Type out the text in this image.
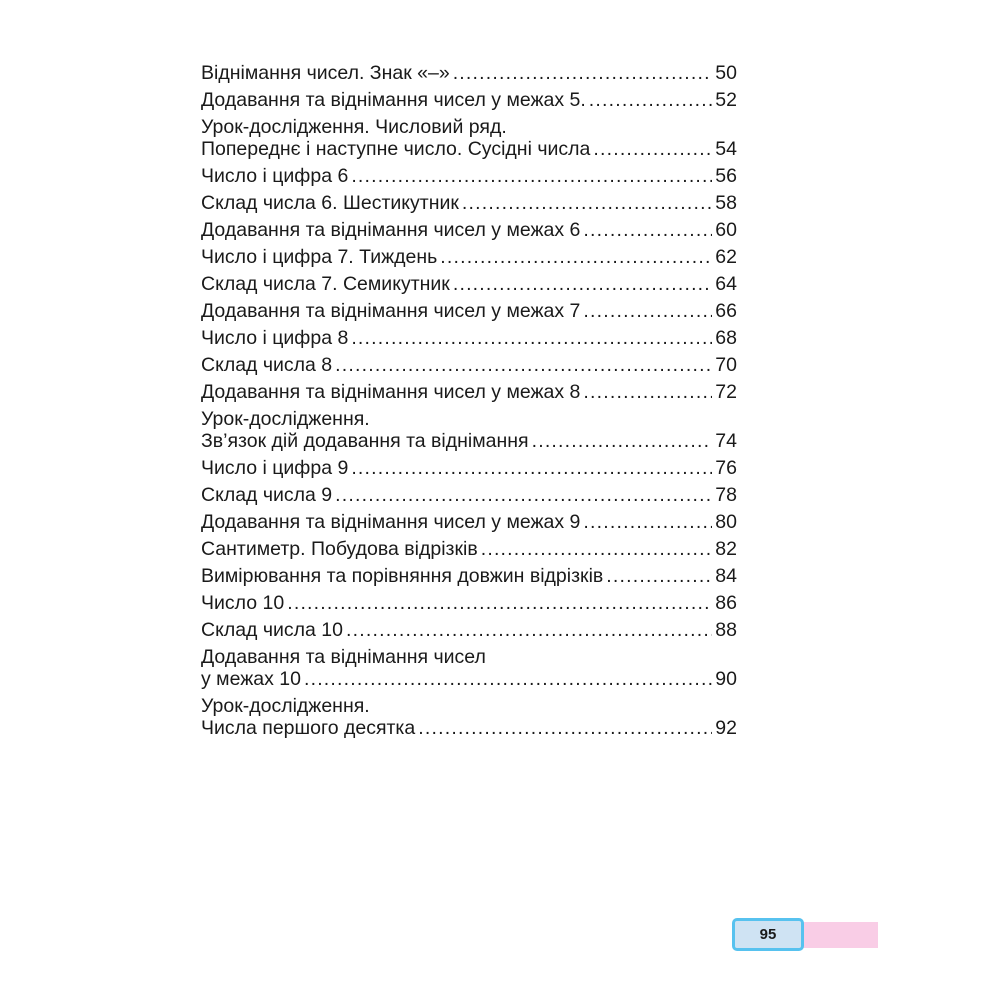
Віднімання чисел. Знак «–» .....	50
Додавання та віднімання чисел у межах 5. .....	52
Урок-дослідження. Числовий ряд.
Попереднє і наступне число. Сусідні числа .....	54
Число і цифра 6 .....	56
Склад числа 6. Шестикутник .....	58
Додавання та віднімання чисел у межах 6 .....	60
Число і цифра 7. Тиждень .....	62
Склад числа 7. Семикутник .....	64
Додавання та віднімання чисел у межах 7 .....	66
Число і цифра 8 .....	68
Склад числа 8 .....	70
Додавання та віднімання чисел у межах 8 .....	72
Урок-дослідження.
Зв’язок дій додавання та віднімання .....	74
Число і цифра 9 .....	76
Склад числа 9 .....	78
Додавання та віднімання чисел у межах 9 .....	80
Сантиметр. Побудова відрізків .....	82
Вимірювання та порівняння довжин відрізків .....	84
Число 10 .....	86
Склад числа 10 .....	88
Додавання та віднімання чисел
у межах 10 .....	90
Урок-дослідження.
Числа першого десятка .....	92
95
